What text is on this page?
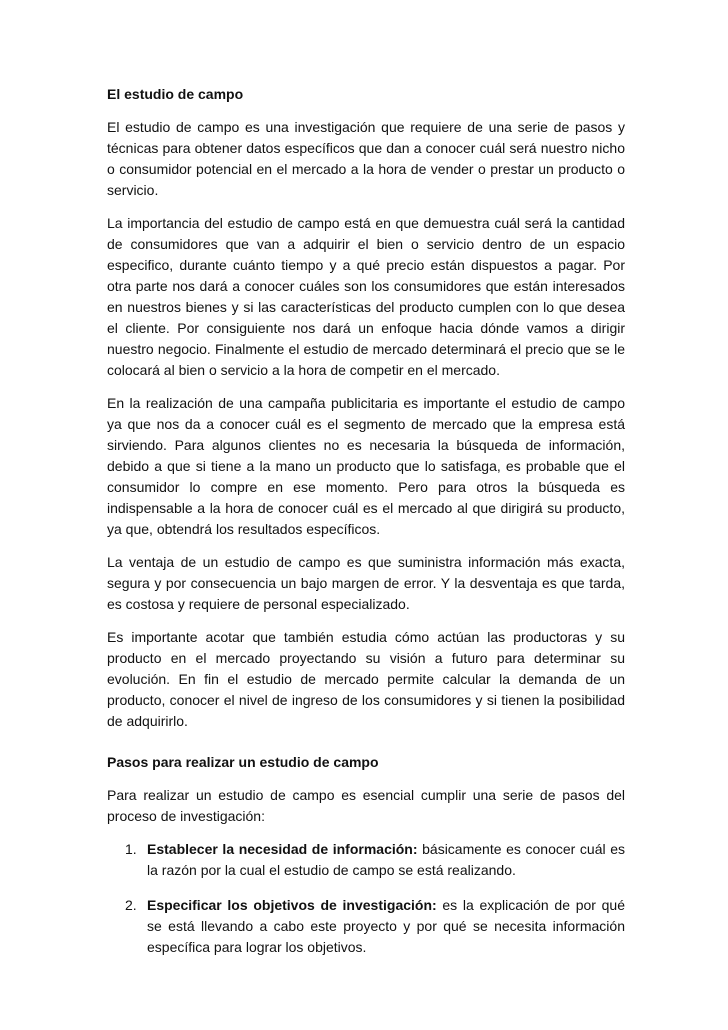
El estudio de campo

El estudio de campo es una investigación que requiere de una serie de pasos y técnicas para obtener datos específicos que dan a conocer cuál será nuestro nicho o consumidor potencial en el mercado a la hora de vender o prestar un producto o servicio.

La importancia del estudio de campo está en que demuestra cuál será la cantidad de consumidores que van a adquirir el bien o servicio dentro de un espacio especifico, durante cuánto tiempo y a qué precio están dispuestos a pagar. Por otra parte nos dará a conocer cuáles son los consumidores que están interesados en nuestros bienes y si las características del producto cumplen con lo que desea el cliente. Por consiguiente nos dará un enfoque hacia dónde vamos a dirigir nuestro negocio. Finalmente el estudio de mercado determinará el precio que se le colocará al bien o servicio a la hora de competir en el mercado.

En la realización de una campaña publicitaria es importante el estudio de campo ya que nos da a conocer cuál es el segmento de mercado que la empresa está sirviendo. Para algunos clientes no es necesaria la búsqueda de información, debido a que si tiene a la mano un producto que lo satisfaga, es probable que el consumidor lo compre en ese momento. Pero para otros la búsqueda es indispensable a la hora de conocer cuál es el mercado al que dirigirá su producto, ya que, obtendrá los resultados específicos.

La ventaja de un estudio de campo es que suministra información más exacta, segura y por consecuencia un bajo margen de error. Y la desventaja es que tarda, es costosa y requiere de personal especializado.

Es importante acotar que también estudia cómo actúan las productoras y su producto en el mercado proyectando su visión a futuro para determinar su evolución. En fin el estudio de mercado permite calcular la demanda de un producto, conocer el nivel de ingreso de los consumidores y si tienen la posibilidad de adquirirlo.

Pasos para realizar un estudio de campo

Para realizar un estudio de campo es esencial cumplir una serie de pasos del proceso de investigación:

1. Establecer la necesidad de información: básicamente es conocer cuál es la razón por la cual el estudio de campo se está realizando.
2. Especificar los objetivos de investigación: es la explicación de por qué se está llevando a cabo este proyecto y por qué se necesita información específica para lograr los objetivos.
